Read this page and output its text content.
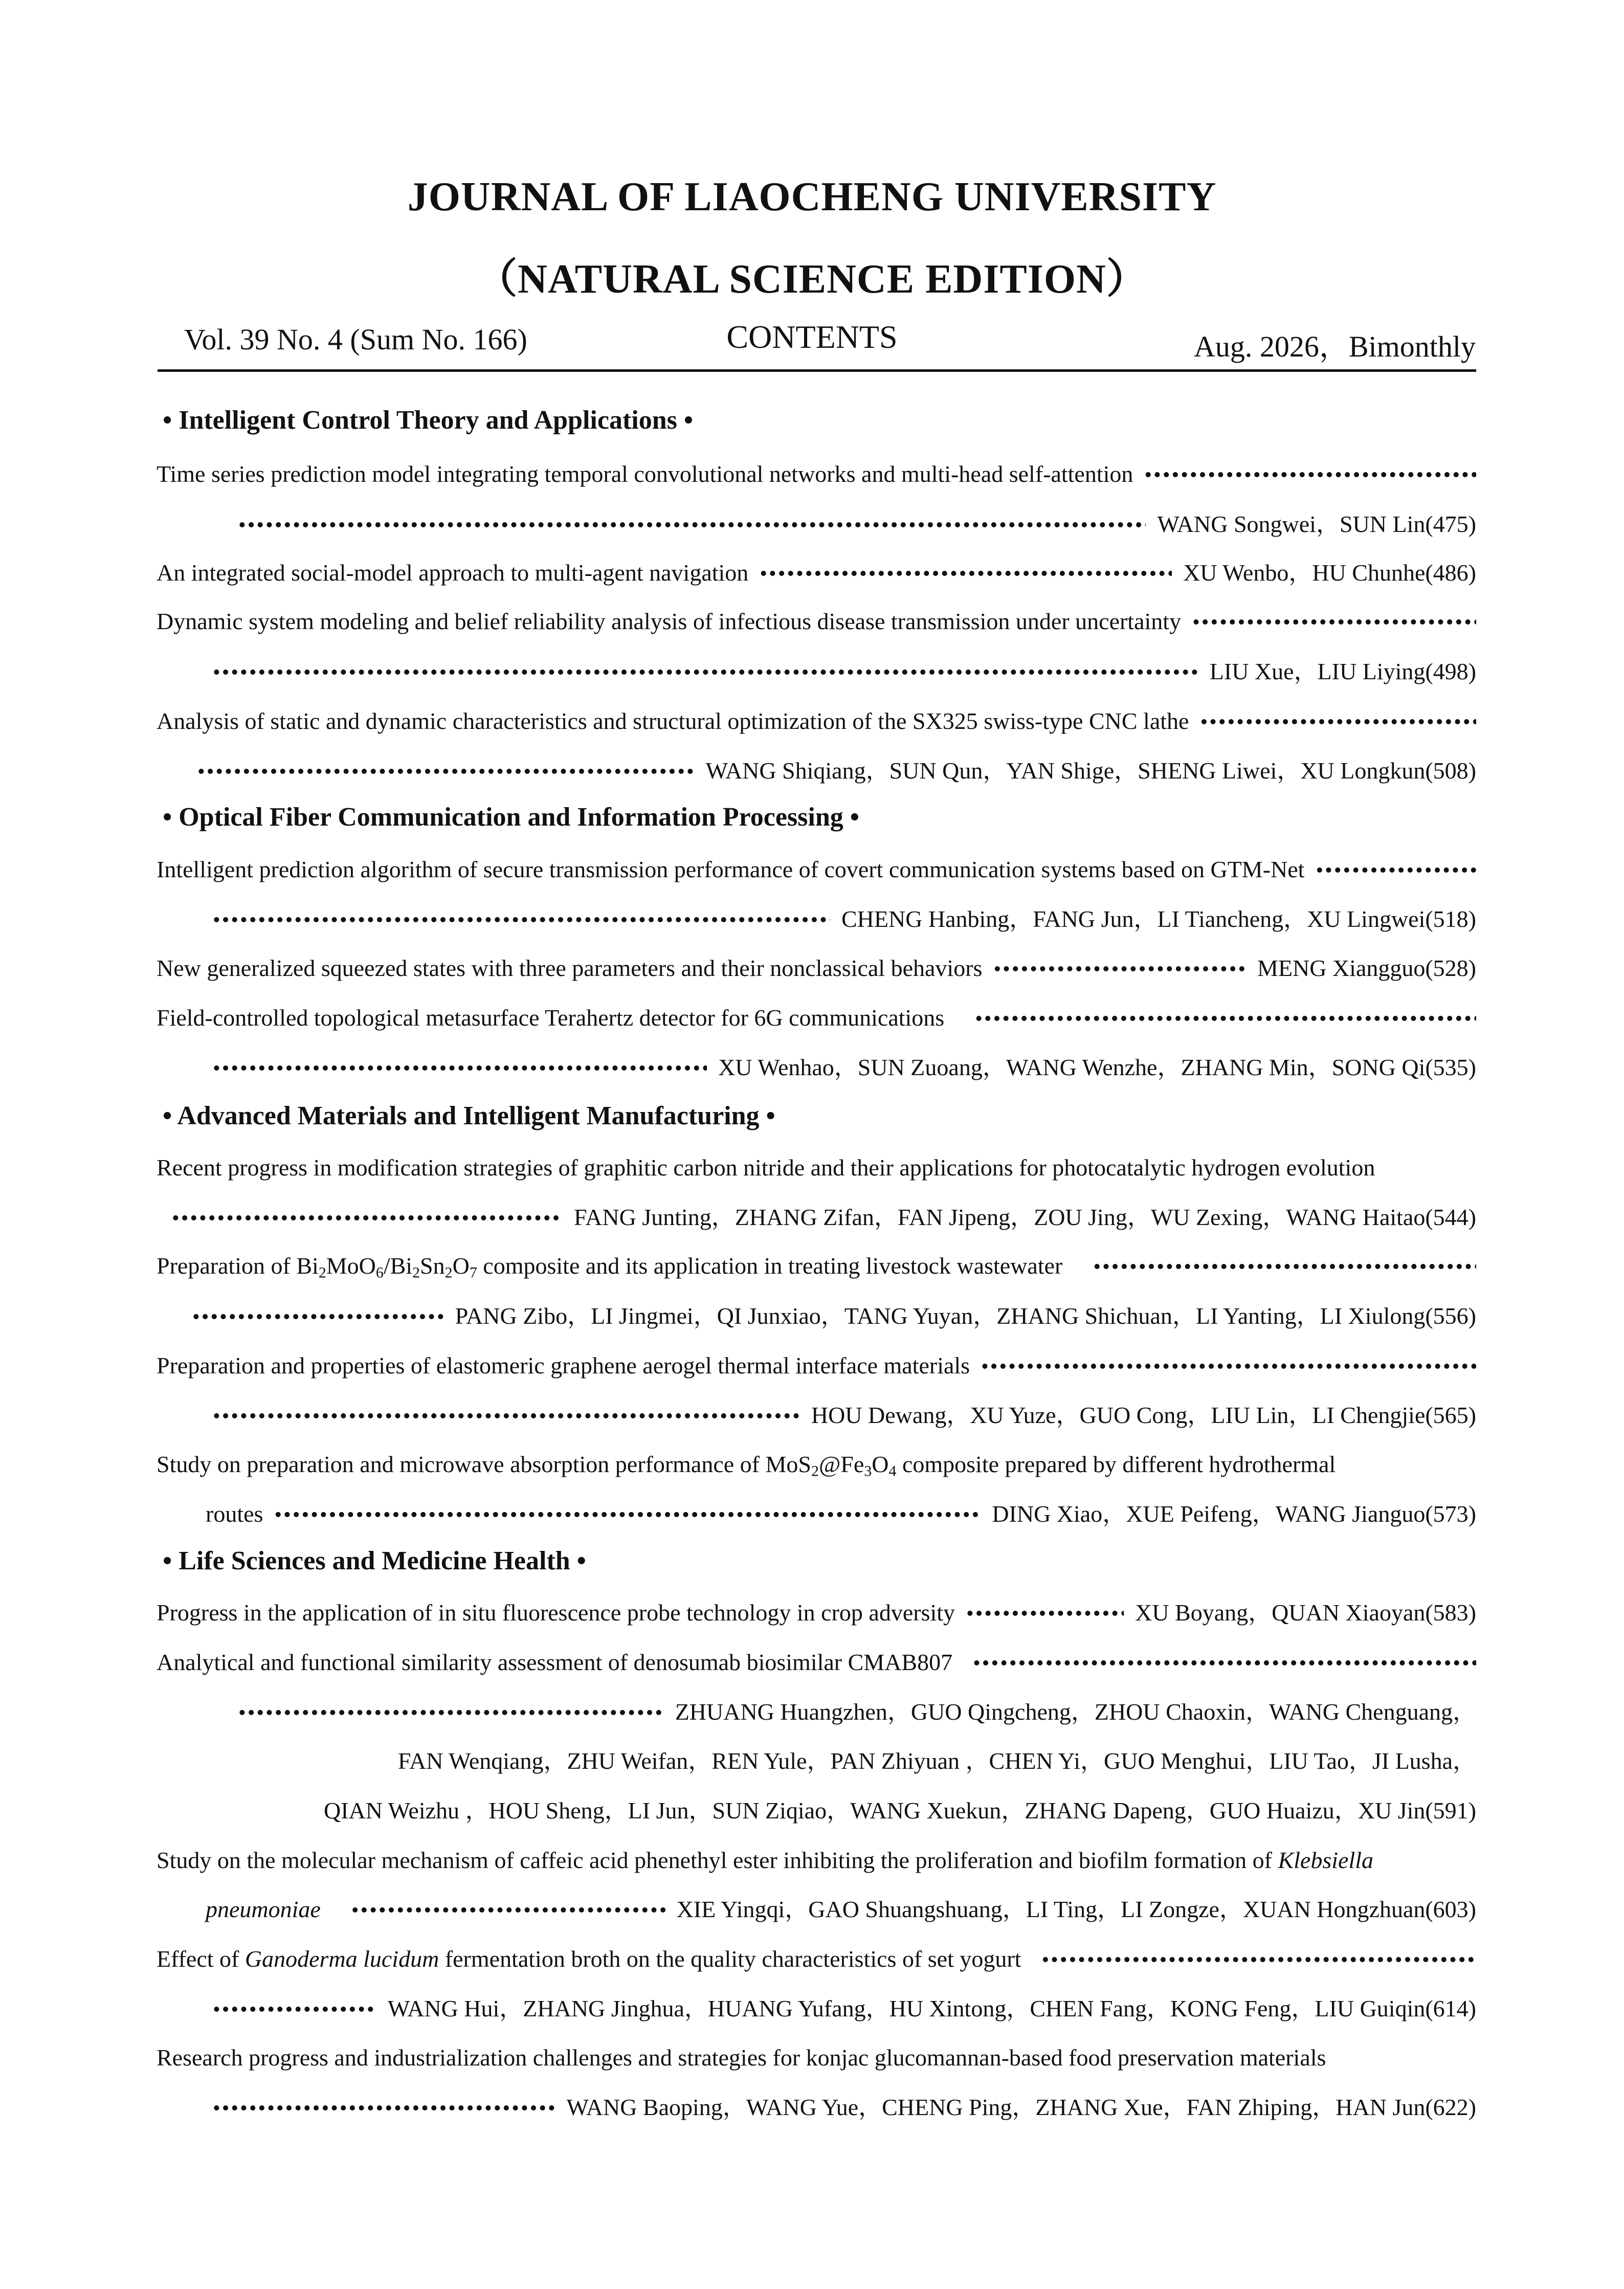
JOURNAL OF LIAOCHENG UNIVERSITY
（NATURAL SCIENCE EDITION）
Vol. 39 No. 4 (Sum No. 166)	CONTENTS	Aug. 2026，Bimonthly
• Intelligent Control Theory and Applications •
Time series prediction model integrating temporal convolutional networks and multi-head self-attention
•••••
•••••
WANG Songwei，SUN Lin(475)
An integrated social-model approach to multi-agent navigation •••••	XU Wenbo，HU Chunhe(486)
Dynamic system modeling and belief reliability analysis of infectious disease transmission under uncertainty
•••••
•••••
LIU Xue，LIU Liying(498)
Analysis of static and dynamic characteristics and structural optimization of the SX325 swiss-type CNC lathe
•••••
•••••
WANG Shiqiang，SUN Qun，YAN Shige，SHENG Liwei，XU Longkun(508)
• Optical Fiber Communication and Information Processing •
Intelligent prediction algorithm of secure transmission performance of covert communication systems based on GTM-Net
•••••
•••••
CHENG Hanbing，FANG Jun，LI Tiancheng，XU Lingwei(518)
New generalized squeezed states with three parameters and their nonclassical behaviors •••••	MENG Xiangguo(528)
Field-controlled topological metasurface Terahertz detector for 6G communications
•••••
•••••
XU Wenhao，SUN Zuoang，WANG Wenzhe，ZHANG Min，SONG Qi(535)
• Advanced Materials and Intelligent Manufacturing •
Recent progress in modification strategies of graphitic carbon nitride and their applications for photocatalytic hydrogen evolution
•••••
FANG Junting，ZHANG Zifan，FAN Jipeng，ZOU Jing，WU Zexing，WANG Haitao(544)
Preparation of $Bi_2MoO_6/Bi_2Sn_2O_7$ composite and its application in treating livestock wastewater
•••••
•••••
PANG Zibo，LI Jingmei，QI Junxiao，TANG Yuyan，ZHANG Shichuan，LI Yanting，LI Xiulong(556)
Preparation and properties of elastomeric graphene aerogel thermal interface materials
•••••
•••••
HOU Dewang，XU Yuze，GUO Cong，LIU Lin，LI Chengjie(565)
Study on preparation and microwave absorption performance of $MoS_2@Fe_3O_4$ composite prepared by different hydrothermal
routes •••••	DING Xiao，XUE Peifeng，WANG Jianguo(573)
• Life Sciences and Medicine Health •
Progress in the application of in situ fluorescence probe technology in crop adversity •••••	XU Boyang，QUAN Xiaoyan(583)
Analytical and functional similarity assessment of denosumab biosimilar CMAB807
•••••
•••••
ZHUANG Huangzhen，GUO Qingcheng，ZHOU Chaoxin，WANG Chenguang，
FAN Wenqiang，ZHU Weifan，REN Yule，PAN Zhiyuan ，CHEN Yi，GUO Menghui，LIU Tao，JI Lusha，
QIAN Weizhu ，HOU Sheng，LI Jun，SUN Ziqiao，WANG Xuekun，ZHANG Dapeng，GUO Huaizu，XU Jin(591)
Study on the molecular mechanism of caffeic acid phenethyl ester inhibiting the proliferation and biofilm formation of
Klebsiella
pneumoniae •••••	XIE Yingqi，GAO Shuangshuang，LI Ting，LI Zongze，XUAN Hongzhuan(603)
Effect of Ganoderma lucidum fermentation broth on the quality characteristics of set yogurt
•••••
•••••
WANG Hui，ZHANG Jinghua，HUANG Yufang，HU Xintong，CHEN Fang，KONG Feng，LIU Guiqin(614)
Research progress and industrialization challenges and strategies for konjac glucomannan-based food preservation materials
•••••
WANG Baoping，WANG Yue，CHENG Ping，ZHANG Xue，FAN Zhiping，HAN Jun(622)
